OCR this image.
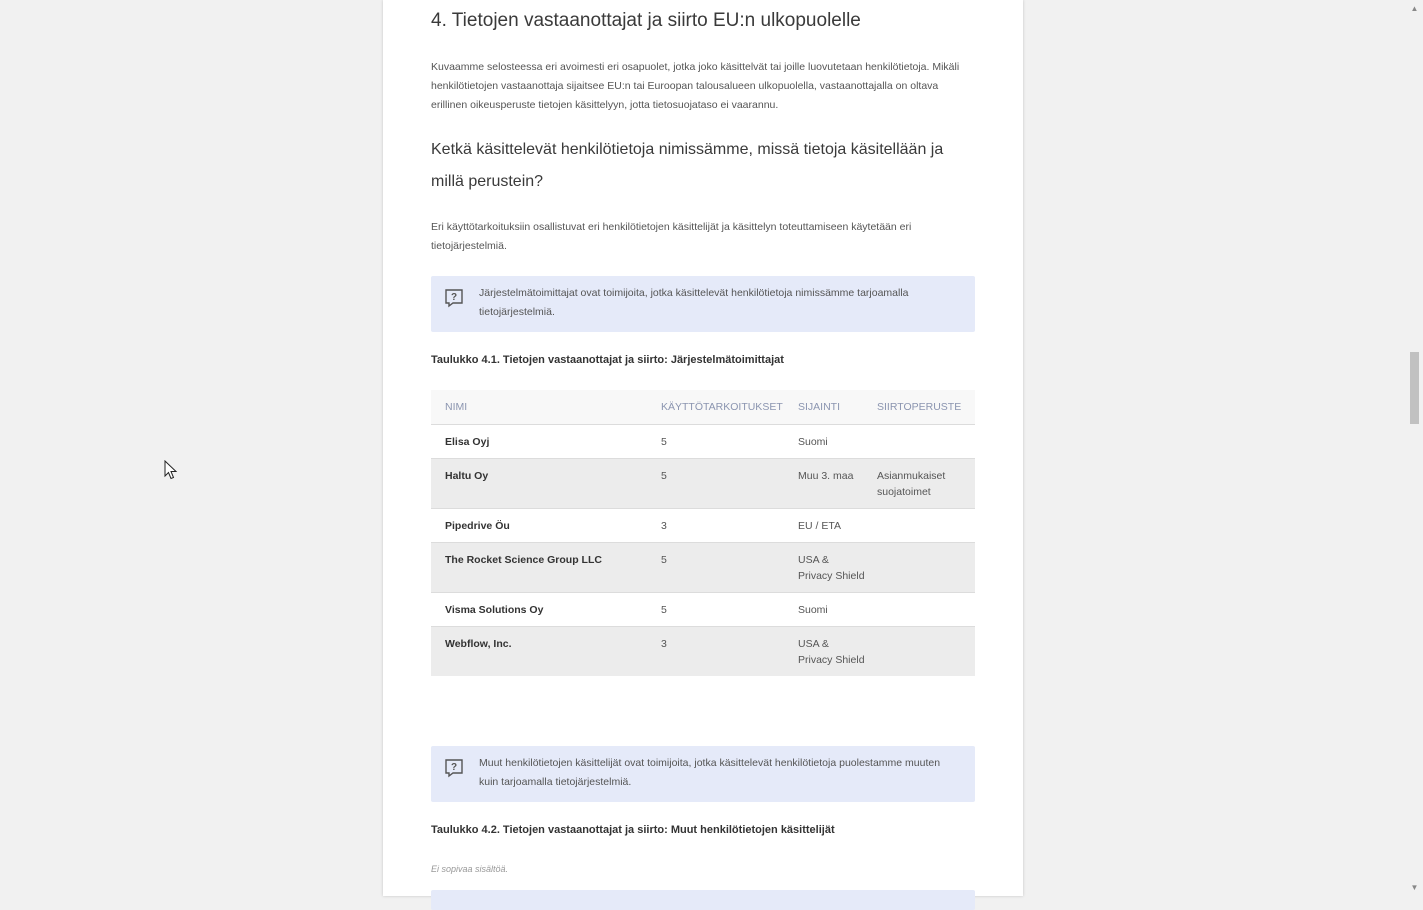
4. Tietojen vastaanottajat ja siirto EU:n ulkopuolelle

Kuvaamme selosteessa eri avoimesti eri osapuolet, jotka joko käsittelvät tai joille luovutetaan henkilötietoja. Mikäli henkilötietojen vastaanottaja sijaitsee EU:n tai Euroopan talousalueen ulkopuolella, vastaanottajalla on oltava erillinen oikeusperuste tietojen käsittelyyn, jotta tietosuojataso ei vaarannu.

Ketkä käsittelevät henkilötietoja nimissämme, missä tietoja käsitellään ja millä perustein?

Eri käyttötarkoituksiin osallistuvat eri henkilötietojen käsittelijät ja käsittelyn toteuttamiseen käytetään eri tietojärjestelmiä.

? Järjestelmätoimittajat ovat toimijoita, jotka käsittelevät henkilötietoja nimissämme tarjoamalla tietojärjestelmiä.
Taulukko 4.1. Tietojen vastaanottajat ja siirto: Järjestelmätoimittajat
NIMI	KÄYTTÖTARKOITUKSET	SIJAINTI	SIIRTOPERUSTE
Elisa Oyj	5	Suomi	
Haltu Oy	5	Muu 3. maa	Asianmukaiset suojatoimet
Pipedrive Öu	3	EU / ETA	
The Rocket Science Group LLC	5	USA & Privacy Shield	
Visma Solutions Oy	5	Suomi	
Webflow, Inc.	3	USA & Privacy Shield	
? Muut henkilötietojen käsittelijät ovat toimijoita, jotka käsittelevät henkilötietoja puolestamme muuten kuin tarjoamalla tietojärjestelmiä.
Taulukko 4.2. Tietojen vastaanottajat ja siirto: Muut henkilötietojen käsittelijät
Ei sopivaa sisältöä.
▲
▼
